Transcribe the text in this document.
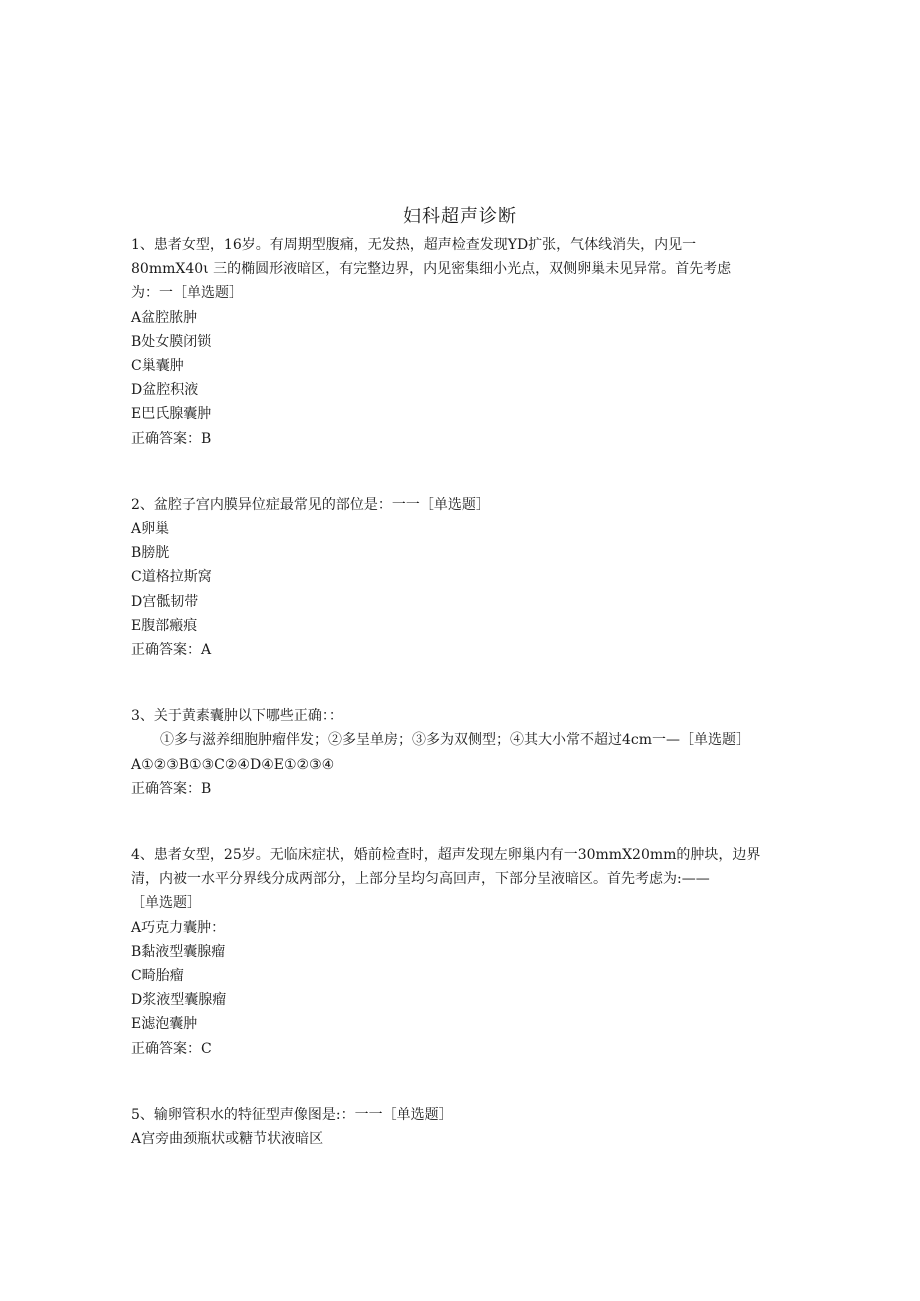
妇科超声诊断
1、患者女型，16岁。有周期型腹痛，无发热，超声检查发现YD扩张，气体线消失，内见一
80mmX40ι 三的椭圆形液暗区，有完整边界，内见密集细小光点，双侧卵巢未见异常。首先考虑
为：一［单选题］
A盆腔脓肿
B处女膜闭锁
C巢囊肿
D盆腔积液
E巴氏腺囊肿
正确答案：B
2、盆腔子宫内膜异位症最常见的部位是：一一［单选题］
A卵巢
B膀胱
C道格拉斯窝
D宫骶韧带
E腹部瘢痕
正确答案：A
3、关于黄素囊肿以下哪些正确：：
①多与滋养细胞肿瘤伴发；②多呈单房；③多为双侧型；④其大小常不超过4cm一—［单选题］
A①②③B①③C②④D④E①②③④
正确答案：B
4、患者女型，25岁。无临床症状，婚前检查时，超声发现左卵巢内有一30mmX20mm的肿块，边界
清，内被一水平分界线分成两部分，上部分呈均匀高回声，下部分呈液暗区。首先考虑为:——
［单选题］
A巧克力囊肿：
B黏液型囊腺瘤
C畸胎瘤
D浆液型囊腺瘤
E滤泡囊肿
正确答案：C
5、输卵管积水的特征型声像图是:：一一［单选题］
A宫旁曲颈瓶状或糖节状液暗区
